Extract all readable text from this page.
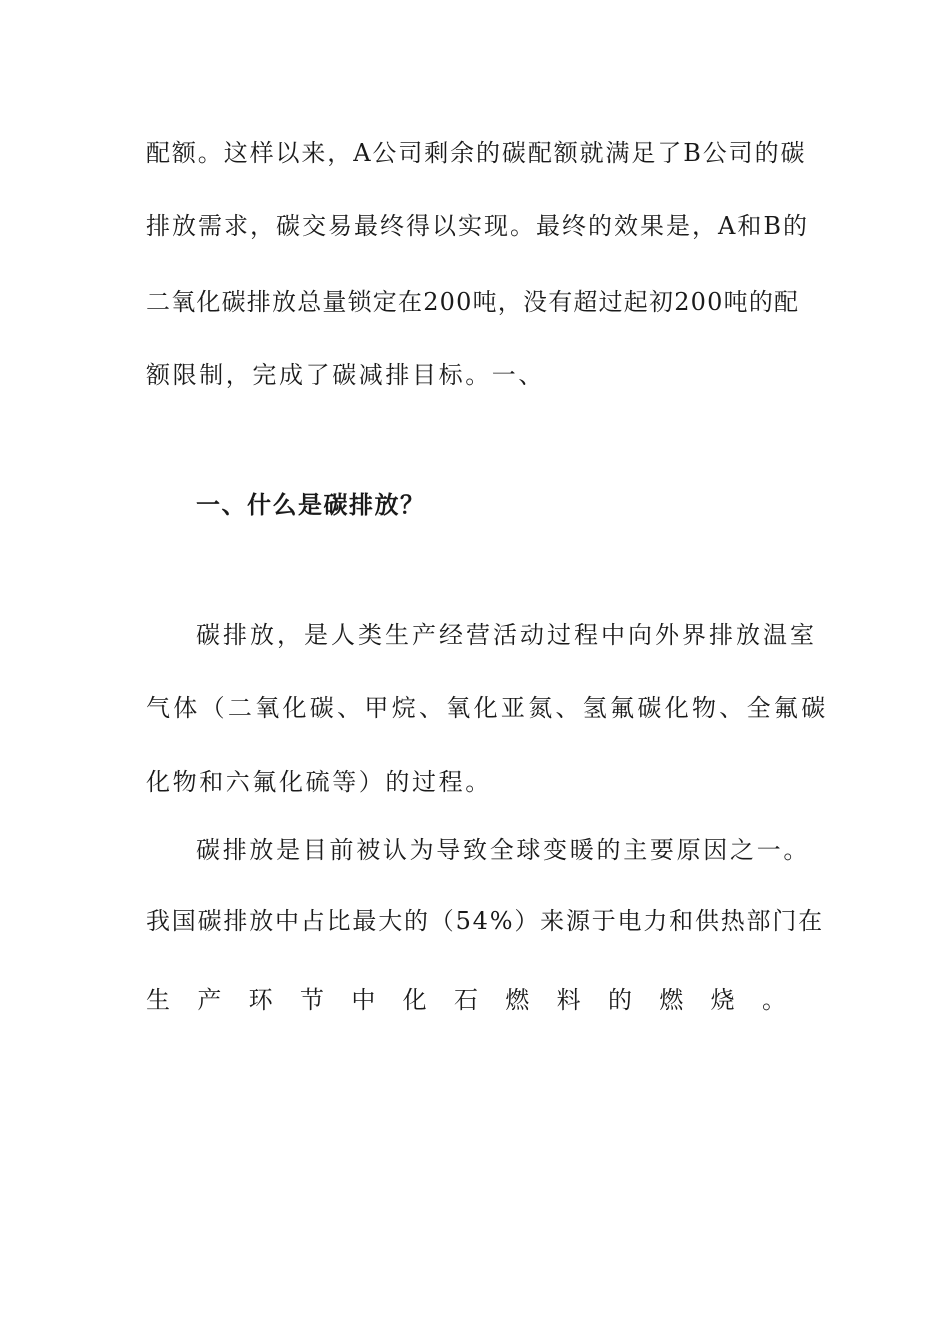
配额。这样以来，A公司剩余的碳配额就满足了B公司的碳
排放需求，碳交易最终得以实现。最终的效果是，A和B的
二氧化碳排放总量锁定在200吨，没有超过起初200吨的配
额限制，完成了碳减排目标。一、
一、什么是碳排放？
碳排放，是人类生产经营活动过程中向外界排放温室
气体（二氧化碳、甲烷、氧化亚氮、氢氟碳化物、全氟碳
化物和六氟化硫等）的过程。
碳排放是目前被认为导致全球变暖的主要原因之一。
我国碳排放中占比最大的（54%）来源于电力和供热部门在
生 产 环 节 中 化 石 燃 料 的 燃 烧 。
